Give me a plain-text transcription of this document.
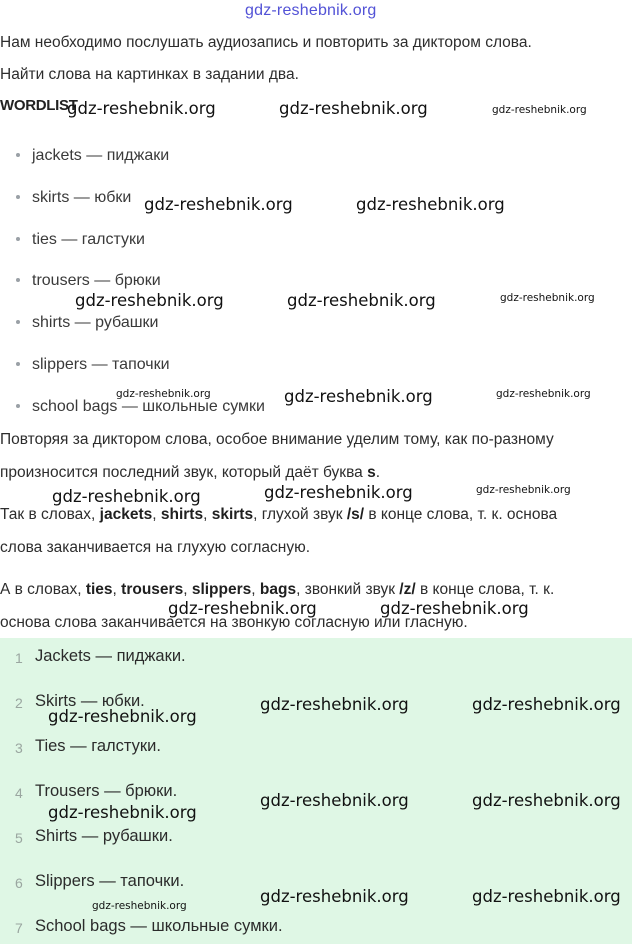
gdz-reshebnik.org
Нам необходимо послушать аудиозапись и повторить за диктором слова.
Найти слова на картинках в задании два.
WORDLIST
jackets — пиджаки
skirts — юбки
ties — галстуки
trousers — брюки
shirts — рубашки
slippers — тапочки
school bags — школьные сумки
Повторяя за диктором слова, особое внимание уделим тому, как по-разному
произносится последний звук, который даёт буква s.
Так в словах, jackets, shirts, skirts, глухой звук /s/ в конце слова, т. к. основа
слова заканчивается на глухую согласную.
А в словах, ties, trousers, slippers, bags, звонкий звук /z/ в конце слова, т. к.
основа слова заканчивается на звонкую согласную или гласную.
1 Jackets — пиджаки.
2 Skirts — юбки.
3 Ties — галстуки.
4 Trousers — брюки.
5 Shirts — рубашки.
6 Slippers — тапочки.
7 School bags — школьные сумки.
gdz-reshebnik.org	gdz-reshebnik.org	gdz-reshebnik.org
gdz-reshebnik.org	gdz-reshebnik.org
gdz-reshebnik.org	gdz-reshebnik.org	gdz-reshebnik.org
gdz-reshebnik.org	gdz-reshebnik.org	gdz-reshebnik.org
gdz-reshebnik.org	gdz-reshebnik.org	gdz-reshebnik.org
gdz-reshebnik.org	gdz-reshebnik.org
gdz-reshebnik.org
gdz-reshebnik.org	gdz-reshebnik.org
gdz-reshebnik.org
gdz-reshebnik.org	gdz-reshebnik.org
gdz-reshebnik.org	gdz-reshebnik.org
gdz-reshebnik.org
